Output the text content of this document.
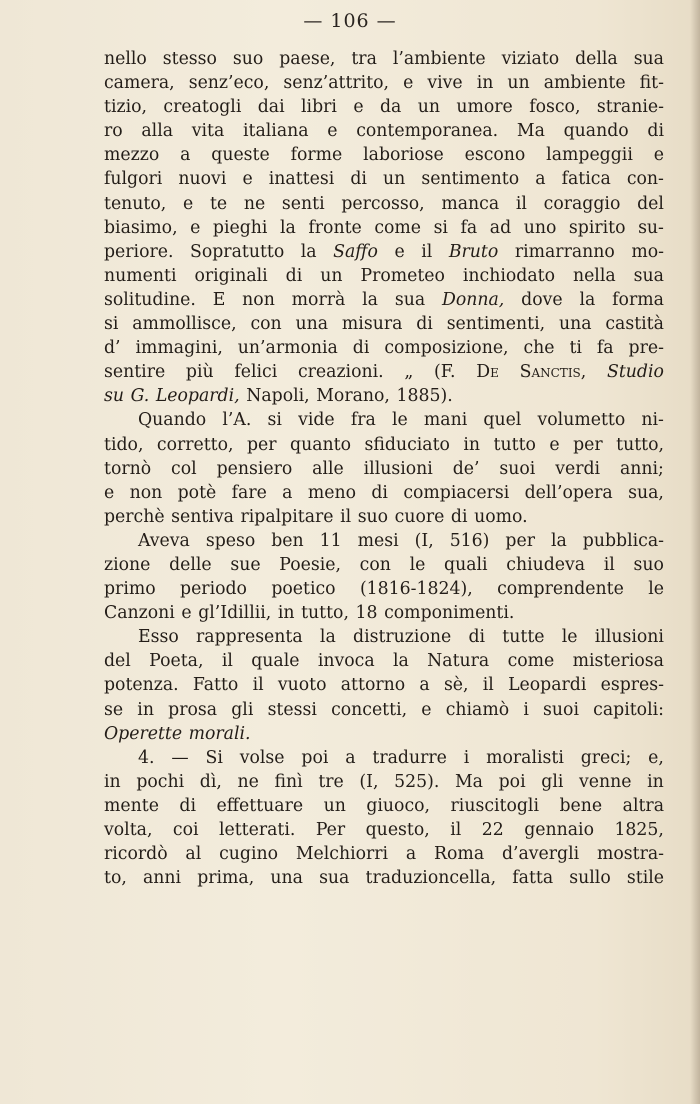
— 106 —
nello stesso suo paese, tra l’ambiente viziato della sua
camera, senz’eco, senz’attrito, e vive in un ambiente fit-
tizio, creatogli dai libri e da un umore fosco, stranie-
ro alla vita italiana e contemporanea. Ma quando di
mezzo a queste forme laboriose escono lampeggii e
fulgori nuovi e inattesi di un sentimento a fatica con-
tenuto, e te ne senti percosso, manca il coraggio del
biasimo, e pieghi la fronte come si fa ad uno spirito su-
periore. Sopratutto la Saffo e il Bruto rimarranno mo-
numenti originali di un Prometeo inchiodato nella sua
solitudine. E non morrà la sua Donna, dove la forma
si ammollisce, con una misura di sentimenti, una castità
d’ immagini, un’armonia di composizione, che ti fa pre-
sentire più felici creazioni. „ (F. De Sanctis, Studio
su G. Leopardi, Napoli, Morano, 1885).
Quando l’A. si vide fra le mani quel volumetto ni-
tido, corretto, per quanto sfiduciato in tutto e per tutto,
tornò col pensiero alle illusioni de’ suoi verdi anni;
e non potè fare a meno di compiacersi dell’opera sua,
perchè sentiva ripalpitare il suo cuore di uomo.
Aveva speso ben 11 mesi (I, 516) per la pubblica-
zione delle sue Poesie, con le quali chiudeva il suo
primo periodo poetico (1816-1824), comprendente le
Canzoni e gl’Idillii, in tutto, 18 componimenti.
Esso rappresenta la distruzione di tutte le illusioni
del Poeta, il quale invoca la Natura come misteriosa
potenza. Fatto il vuoto attorno a sè, il Leopardi espres-
se in prosa gli stessi concetti, e chiamò i suoi capitoli:
Operette morali.
4. — Si volse poi a tradurre i moralisti greci; e,
in pochi dì, ne finì tre (I, 525). Ma poi gli venne in
mente di effettuare un giuoco, riuscitogli bene altra
volta, coi letterati. Per questo, il 22 gennaio 1825,
ricordò al cugino Melchiorri a Roma d’avergli mostra-
to, anni prima, una sua traduzioncella, fatta sullo stile
